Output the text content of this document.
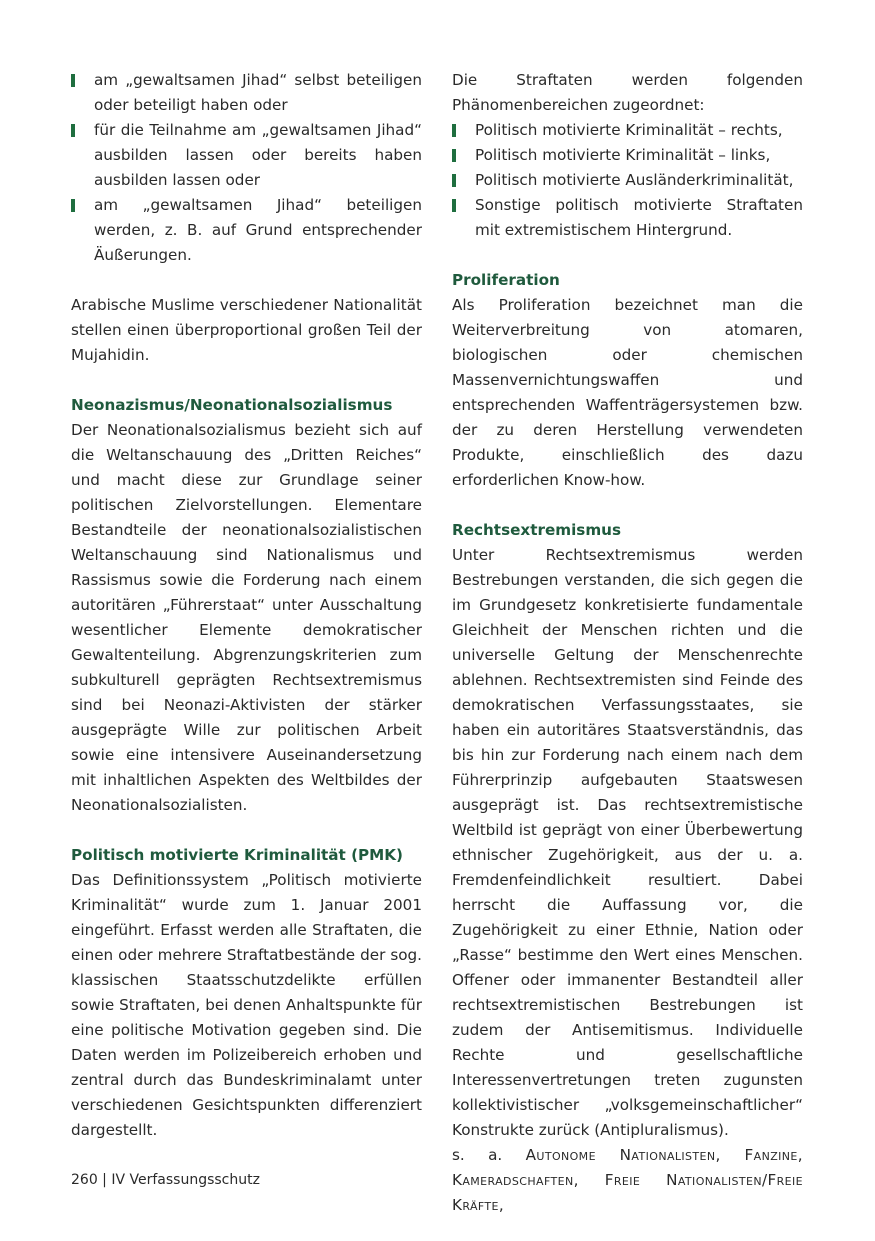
am „gewaltsamen Jihad“ selbst beteiligen oder beteiligt haben oder
für die Teilnahme am „gewaltsamen Jihad“ ausbilden lassen oder bereits haben ausbilden lassen oder
am „gewaltsamen Jihad“ beteiligen werden, z. B. auf Grund entsprechender Äußerungen.

Arabische Muslime verschiedener Nationalität stellen einen überproportional großen Teil der Mujahidin.

Neonazismus/Neonationalsozialismus

Der Neonationalsozialismus bezieht sich auf die Weltanschauung des „Dritten Reiches“ und macht diese zur Grundlage seiner politischen Zielvorstellungen. Elementare Bestandteile der neonationalsozialistischen Weltanschauung sind Nationalismus und Rassismus sowie die Forderung nach einem autoritären „Führerstaat“ unter Ausschaltung wesentlicher Elemente demokratischer Gewaltenteilung. Abgrenzungskriterien zum subkulturell geprägten Rechtsextremismus sind bei Neonazi-Aktivisten der stärker ausgeprägte Wille zur politischen Arbeit sowie eine intensivere Auseinandersetzung mit inhaltlichen Aspekten des Weltbildes der Neonationalsozialisten.

Politisch motivierte Kriminalität (PMK)

Das Definitionssystem „Politisch motivierte Kriminalität“ wurde zum 1. Januar 2001 eingeführt. Erfasst werden alle Straftaten, die einen oder mehrere Straftatbestände der sog. klassischen Staatsschutzdelikte erfüllen sowie Straftaten, bei denen Anhaltspunkte für eine politische Motivation gegeben sind. Die Daten werden im Polizeibereich erhoben und zentral durch das Bundeskriminalamt unter verschiedenen Gesichtspunkten differenziert dargestellt.

Die Straftaten werden folgenden Phänomenbereichen zugeordnet:

Politisch motivierte Kriminalität – rechts,
Politisch motivierte Kriminalität – links,
Politisch motivierte Ausländerkriminalität,
Sonstige politisch motivierte Straftaten mit extremistischem Hintergrund.
Proliferation

Als Proliferation bezeichnet man die Weiterverbreitung von atomaren, biologischen oder chemischen Massenvernichtungswaffen und entsprechenden Waffenträgersystemen bzw. der zu deren Herstellung verwendeten Produkte, einschließlich des dazu erforderlichen Know-how.

Rechtsextremismus

Unter Rechtsextremismus werden Bestrebungen verstanden, die sich gegen die im Grundgesetz konkretisierte fundamentale Gleichheit der Menschen richten und die universelle Geltung der Menschenrechte ablehnen. Rechtsextremisten sind Feinde des demokratischen Verfassungsstaates, sie haben ein autoritäres Staatsverständnis, das bis hin zur Forderung nach einem nach dem Führerprinzip aufgebauten Staatswesen ausgeprägt ist. Das rechtsextremistische Weltbild ist geprägt von einer Überbewertung ethnischer Zugehörigkeit, aus der u. a. Fremdenfeindlichkeit resultiert. Dabei herrscht die Auffassung vor, die Zugehörigkeit zu einer Ethnie, Nation oder „Rasse“ bestimme den Wert eines Menschen. Offener oder immanenter Bestandteil aller rechtsextremistischen Bestrebungen ist zudem der Antisemitismus. Individuelle Rechte und gesellschaftliche Interessenvertretungen treten zugunsten kollektivistischer „volksgemeinschaftlicher“ Konstrukte zurück (Antipluralismus).

s. a. Autonome Nationalisten, Fanzine, Kameradschaften, Freie Nationalisten/Freie Kräfte,

260 | IV Verfassungsschutz
